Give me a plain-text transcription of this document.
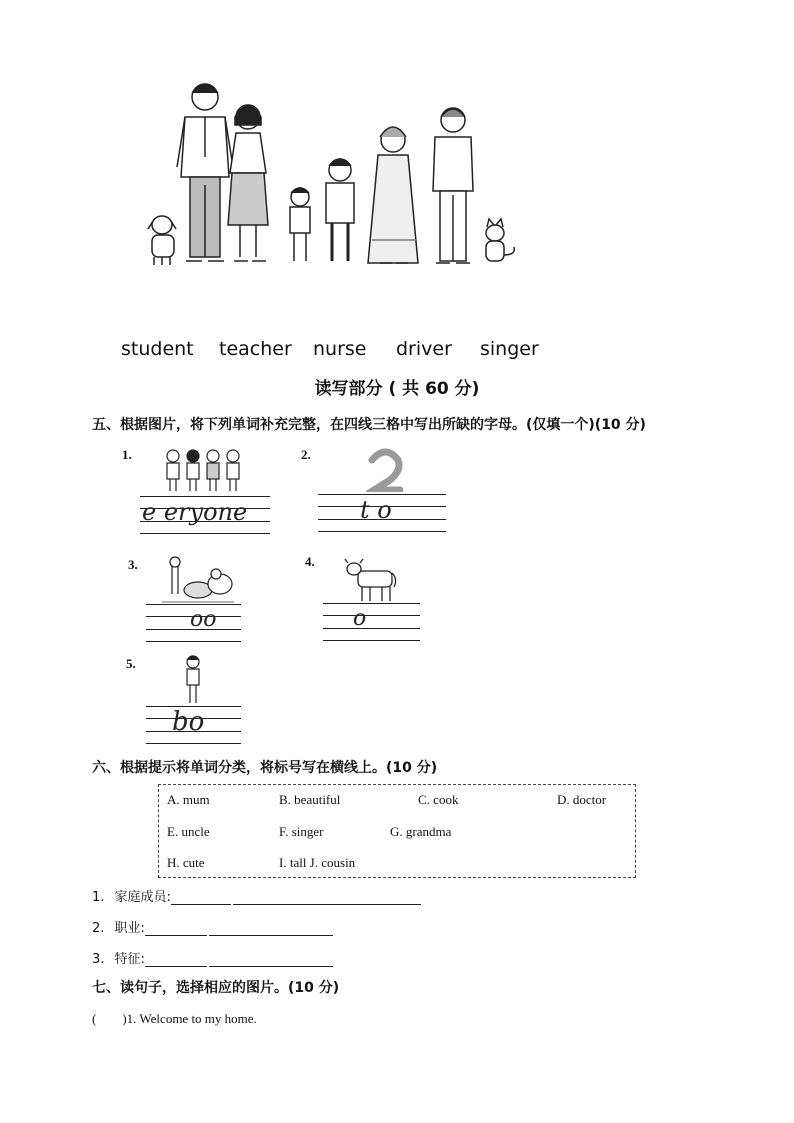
student teacher nurse driver singer
读写部分 ( 共 60 分)
五、根据图片，将下列单词补充完整，在四线三格中写出所缺的字母。(仅填一个)(10 分)
1.
e eryone
2.
t o
3.
oo
4.
o
5.
bo
六、根据提示将单词分类，将标号写在横线上。(10 分)
A. mum	B. beautiful	C. cook	D. doctor
E. uncle	F. singer	G. grandma
H. cute	I. tall J. cousin
1. 家庭成员:
2. 职业:
3. 特征:
七、读句子，选择相应的图片。(10 分)
(        )1. Welcome to my home.
